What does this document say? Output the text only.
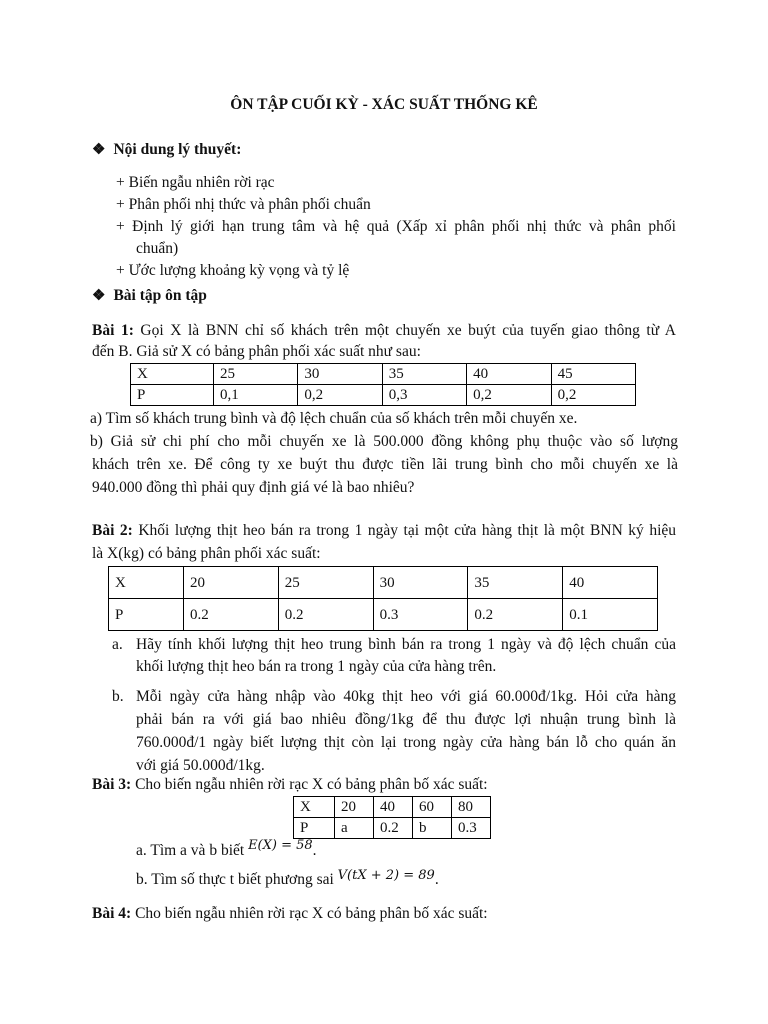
ÔN TẬP CUỐI KỲ - XÁC SUẤT THỐNG KÊ
❖ Nội dung lý thuyết:
+ Biến ngẫu nhiên rời rạc
+ Phân phối nhị thức và phân phối chuẩn
+ Định lý giới hạn trung tâm và hệ quả (Xấp xỉ phân phối nhị thức và phân phối
chuẩn)
+ Ước lượng khoảng kỳ vọng và tỷ lệ
❖ Bài tập ôn tập
Bài 1: Gọi X là BNN chỉ số khách trên một chuyến xe buýt của tuyến giao thông từ A
đến B. Giả sử X có bảng phân phối xác suất như sau:
X	25	30	35	40	45
P	0,1	0,2	0,3	0,2	0,2
a) Tìm số khách trung bình và độ lệch chuẩn của số khách trên mỗi chuyến xe.
b) Giả sử chi phí cho mỗi chuyến xe là 500.000 đồng không phụ thuộc vào số lượng
khách trên xe. Để công ty xe buýt thu được tiền lãi trung bình cho mỗi chuyến xe là
940.000 đồng thì phải quy định giá vé là bao nhiêu?
Bài 2: Khối lượng thịt heo bán ra trong 1 ngày tại một cửa hàng thịt là một BNN ký hiệu
là X(kg) có bảng phân phối xác suất:
X	20	25	30	35	40
P	0.2	0.2	0.3	0.2	0.1
a. Hãy tính khối lượng thịt heo trung bình bán ra trong 1 ngày và độ lệch chuẩn của
khối lượng thịt heo bán ra trong 1 ngày của cửa hàng trên.
b. Mỗi ngày cửa hàng nhập vào 40kg thịt heo với giá 60.000đ/1kg. Hỏi cửa hàng
phải bán ra với giá bao nhiêu đồng/1kg để thu được lợi nhuận trung bình là
760.000đ/1 ngày biết lượng thịt còn lại trong ngày cửa hàng bán lỗ cho quán ăn
với giá 50.000đ/1kg.
Bài 3: Cho biến ngẫu nhiên rời rạc X có bảng phân bố xác suất:
X	20	40	60	80
P	a	0.2	b	0.3
a. Tìm a và b biết $^{E(X) = 58}$.
b. Tìm số thực t biết phương sai $^{V(tX + 2) = 89}$.
Bài 4: Cho biến ngẫu nhiên rời rạc X có bảng phân bố xác suất:
